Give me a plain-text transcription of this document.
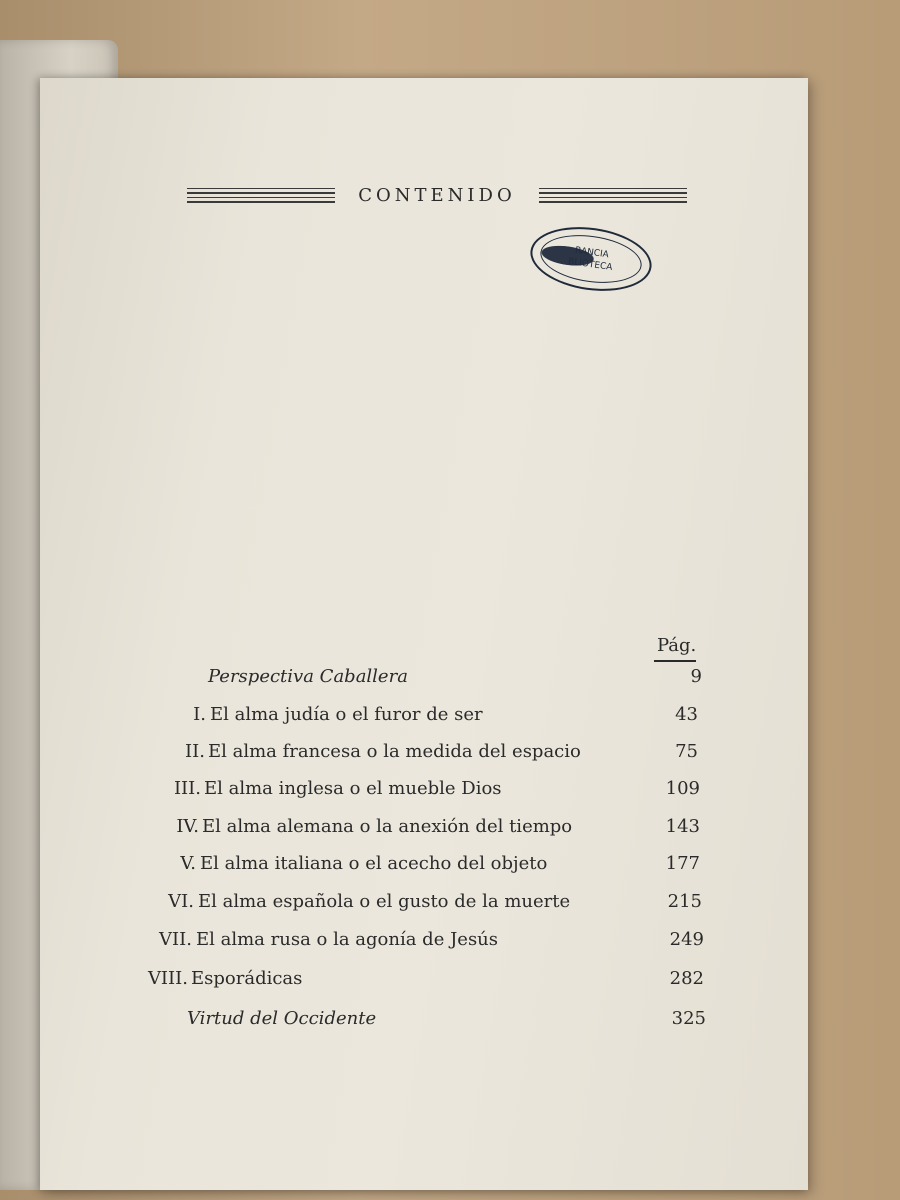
CONTENIDO
RANCIA
BLIOTECA
Pág.
Perspectiva Caballera	9
I. El alma judía o el furor de ser	43
II. El alma francesa o la medida del espacio	75
III. El alma inglesa o el mueble Dios	109
IV. El alma alemana o la anexión del tiempo	143
V. El alma italiana o el acecho del objeto	177
VI. El alma española o el gusto de la muerte	215
VII. El alma rusa o la agonía de Jesús	249
VIII. Esporádicas	282
Virtud del Occidente	325
